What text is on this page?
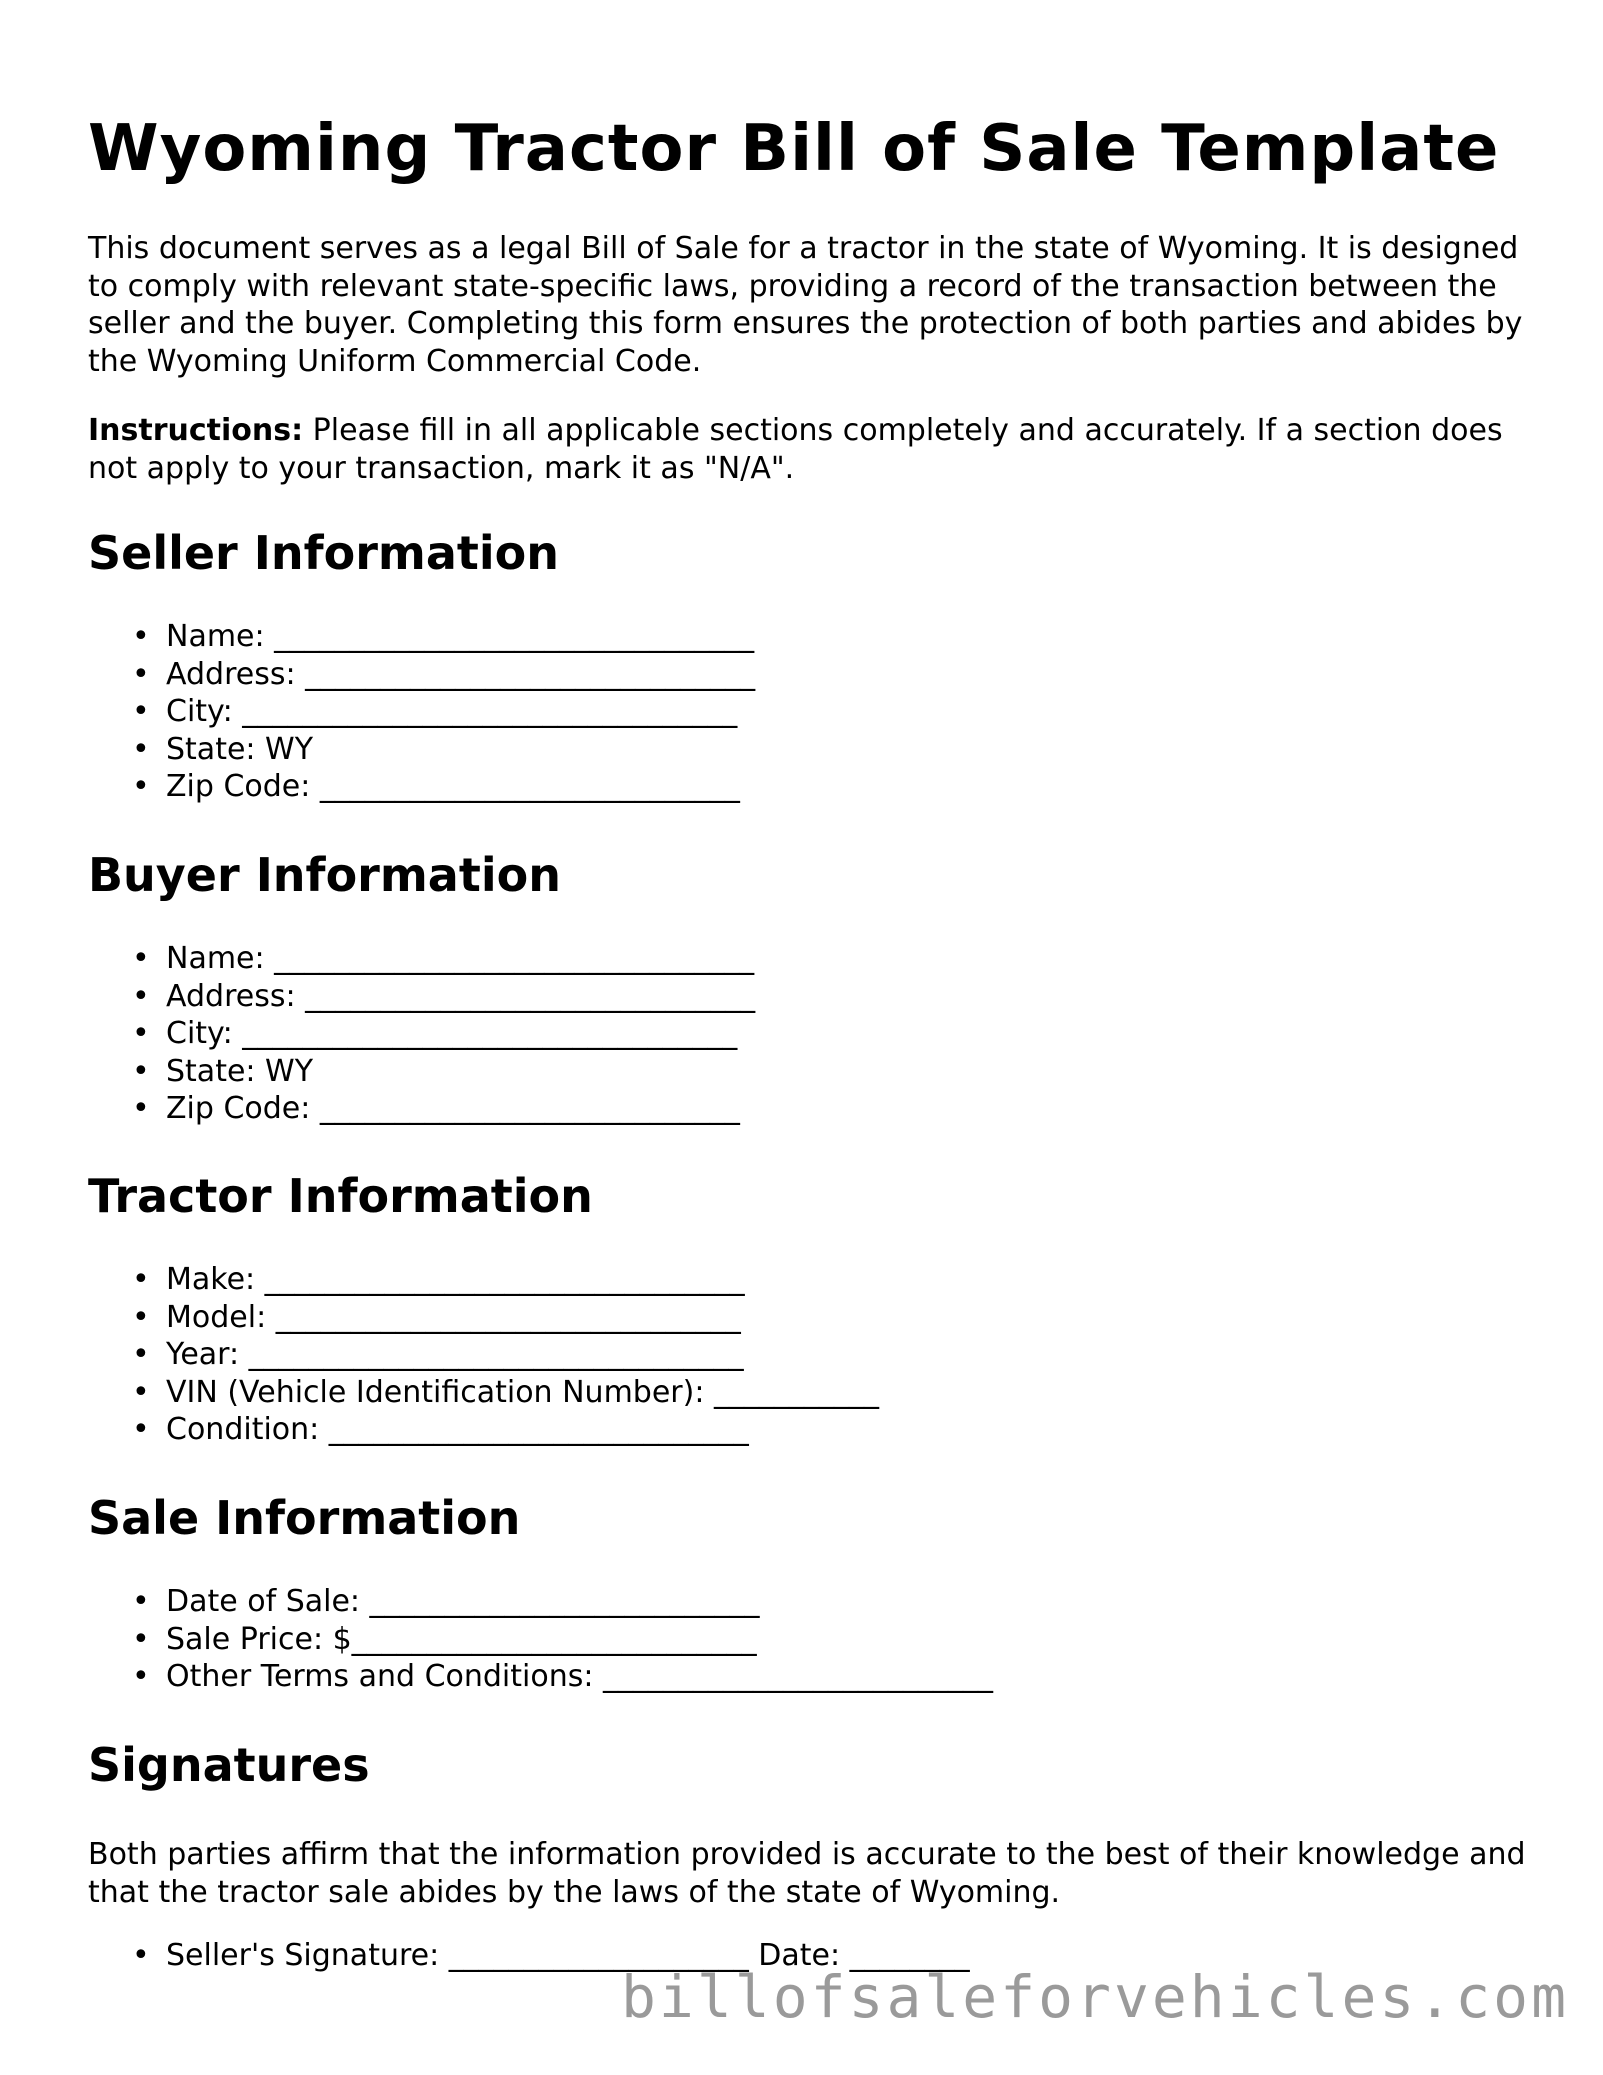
Wyoming Tractor Bill of Sale Template

This document serves as a legal Bill of Sale for a tractor in the state of Wyoming. It is designed to comply with relevant state-specific laws, providing a record of the transaction between the seller and the buyer. Completing this form ensures the protection of both parties and abides by the Wyoming Uniform Commercial Code.

Instructions: Please fill in all applicable sections completely and accurately. If a section does not apply to your transaction, mark it as "N/A".

Seller Information
• Name: ________________________________
• Address: ______________________________
• City: _________________________________
• State: WY
• Zip Code: ____________________________
Buyer Information
• Name: ________________________________
• Address: ______________________________
• City: _________________________________
• State: WY
• Zip Code: ____________________________
Tractor Information
• Make: ________________________________
• Model: _______________________________
• Year: _________________________________
• VIN (Vehicle Identification Number): ___________
• Condition: ____________________________
Sale Information
• Date of Sale: __________________________
• Sale Price: $___________________________
• Other Terms and Conditions: __________________________
Signatures

Both parties affirm that the information provided is accurate to the best of their knowledge and that the tractor sale abides by the laws of the state of Wyoming.

• Seller's Signature: ____________________ Date: ________
billofsaleforvehicles.com
